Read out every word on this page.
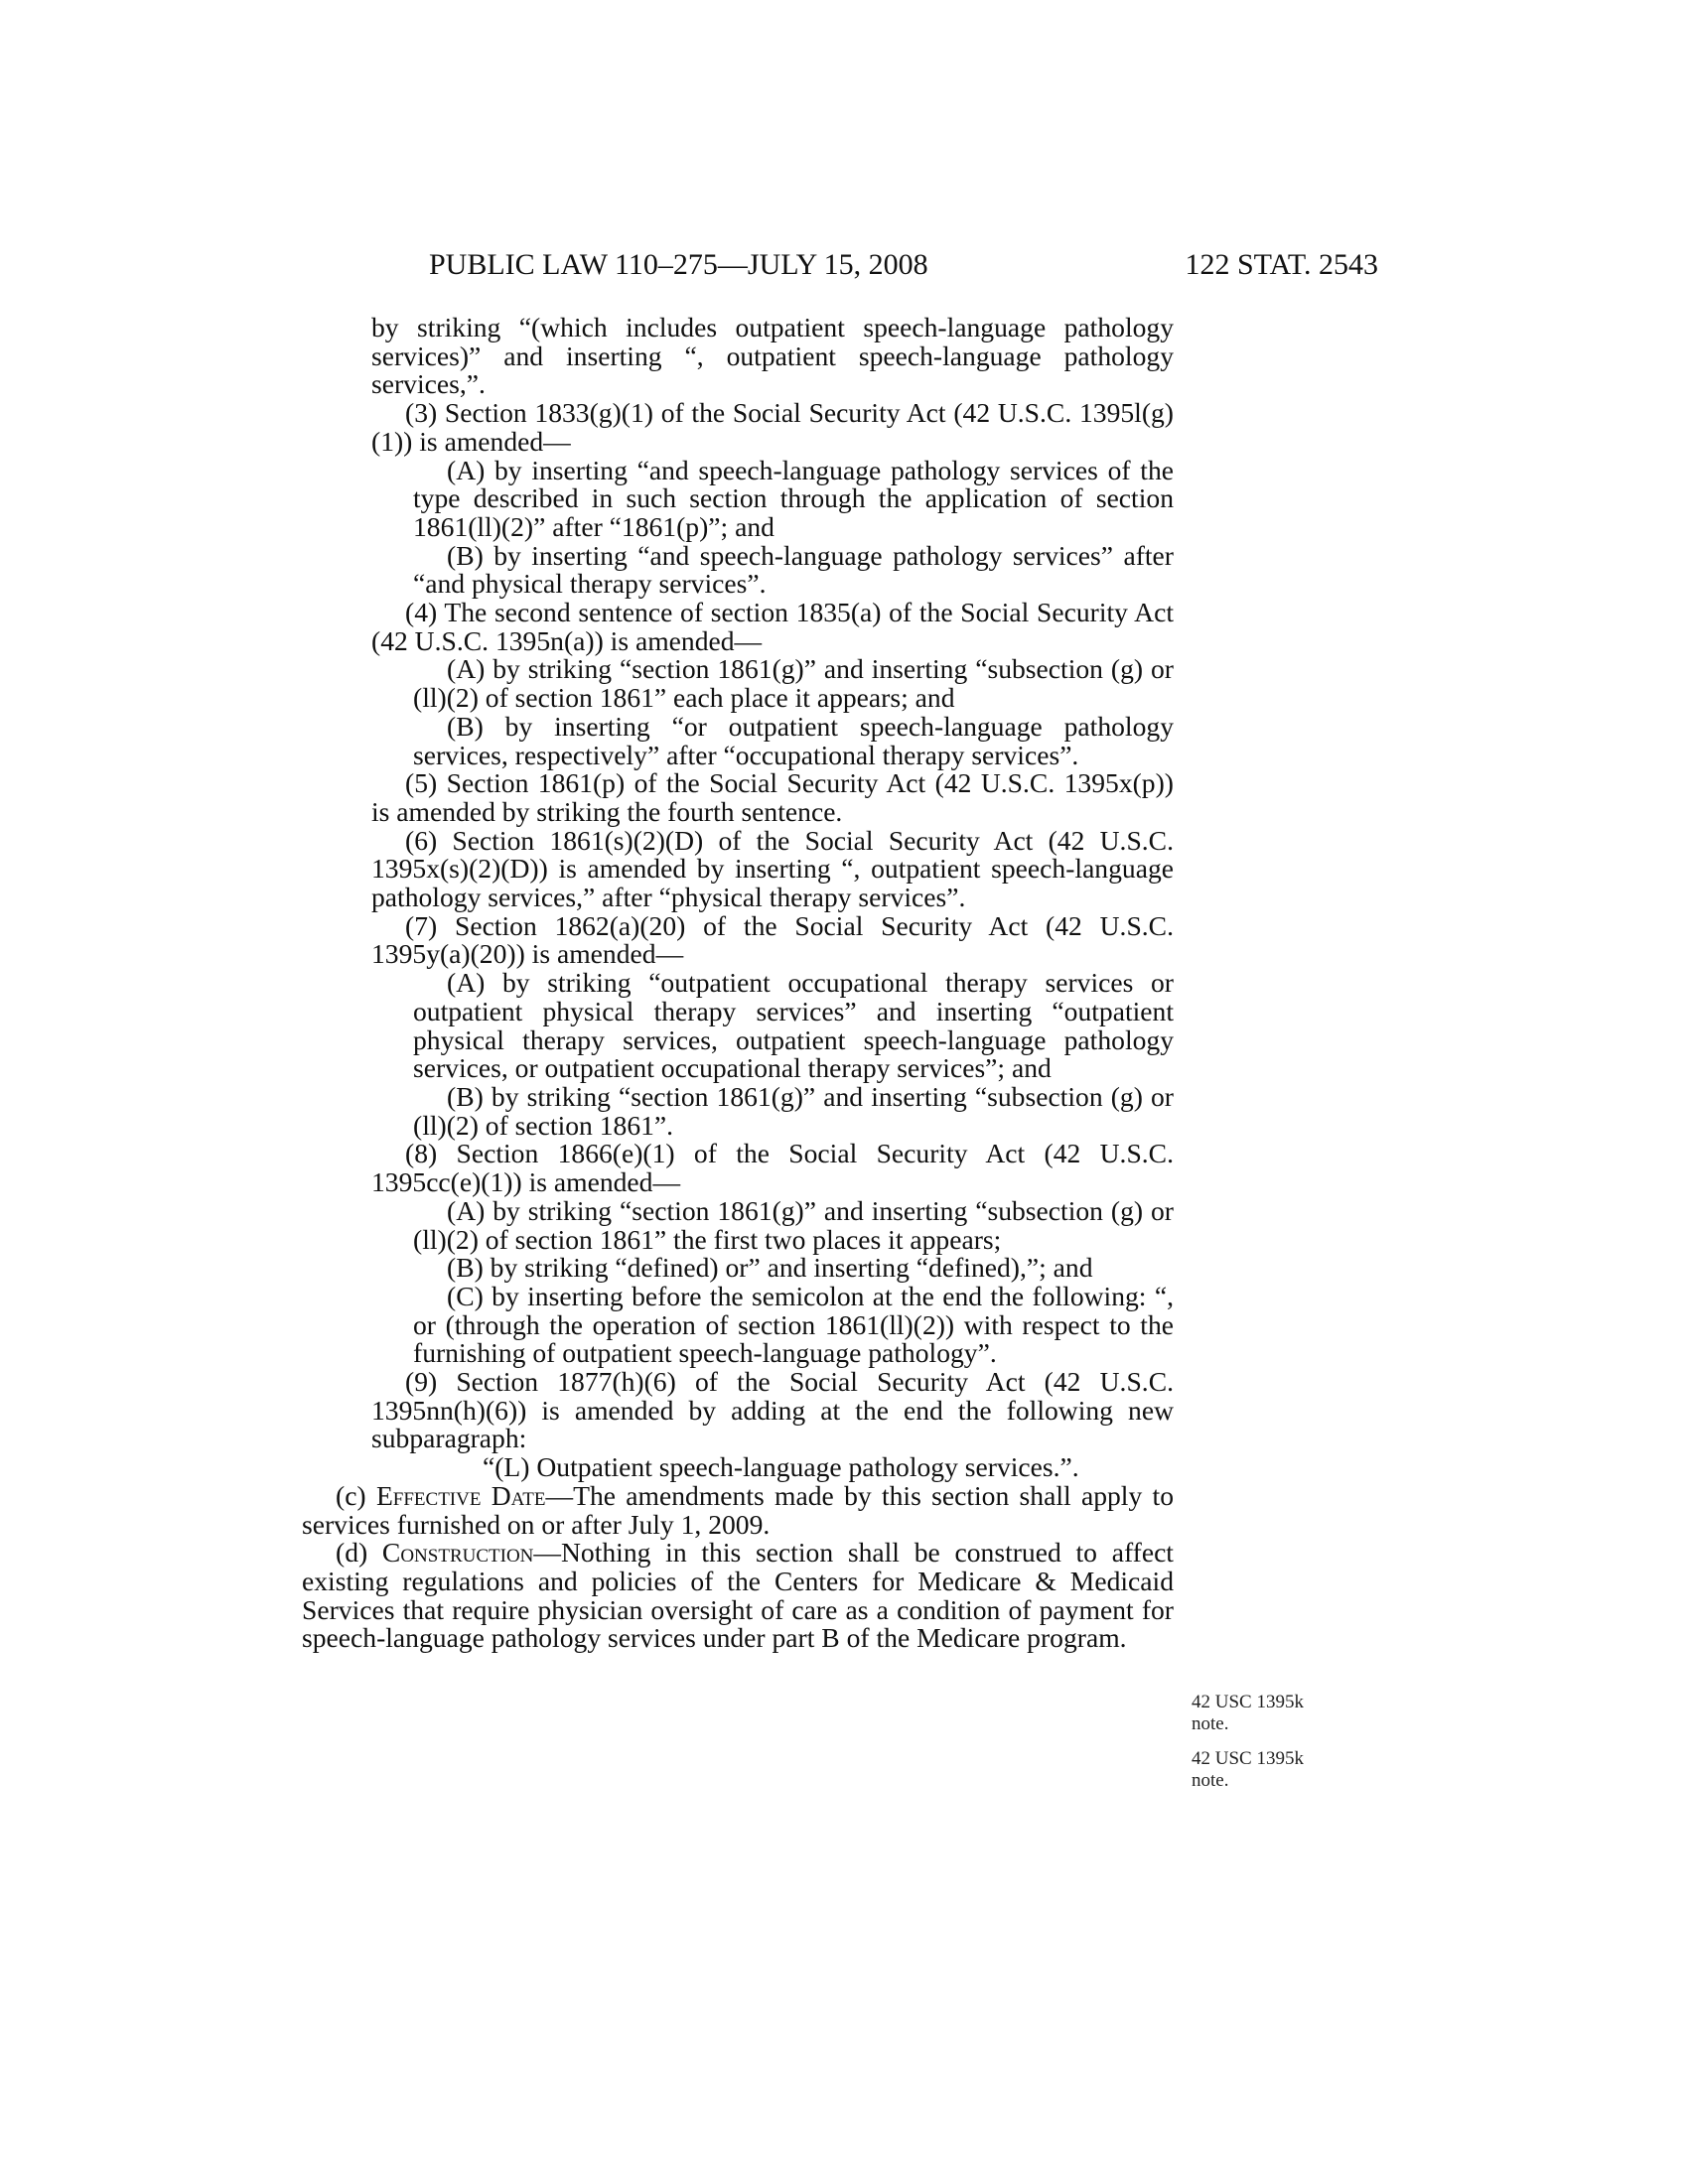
PUBLIC LAW 110–275—JULY 15, 2008	122 STAT. 2543

by striking “(which includes outpatient speech-language pathology services)” and inserting “, outpatient speech-language pathology services,”.

(3) Section 1833(g)(1) of the Social Security Act (42 U.S.C. 1395l(g)(1)) is amended—

(A) by inserting “and speech-language pathology services of the type described in such section through the application of section 1861(ll)(2)” after “1861(p)”; and

(B) by inserting “and speech-language pathology services” after “and physical therapy services”.

(4) The second sentence of section 1835(a) of the Social Security Act (42 U.S.C. 1395n(a)) is amended—

(A) by striking “section 1861(g)” and inserting “subsection (g) or (ll)(2) of section 1861” each place it appears; and

(B) by inserting “or outpatient speech-language pathology services, respectively” after “occupational therapy services”.

(5) Section 1861(p) of the Social Security Act (42 U.S.C. 1395x(p)) is amended by striking the fourth sentence.

(6) Section 1861(s)(2)(D) of the Social Security Act (42 U.S.C. 1395x(s)(2)(D)) is amended by inserting “, outpatient speech-language pathology services,” after “physical therapy services”.

(7) Section 1862(a)(20) of the Social Security Act (42 U.S.C. 1395y(a)(20)) is amended—

(A) by striking “outpatient occupational therapy services or outpatient physical therapy services” and inserting “outpatient physical therapy services, outpatient speech-language pathology services, or outpatient occupational therapy services”; and

(B) by striking “section 1861(g)” and inserting “subsection (g) or (ll)(2) of section 1861”.

(8) Section 1866(e)(1) of the Social Security Act (42 U.S.C. 1395cc(e)(1)) is amended—

(A) by striking “section 1861(g)” and inserting “subsection (g) or (ll)(2) of section 1861” the first two places it appears;

(B) by striking “defined) or” and inserting “defined),”; and

(C) by inserting before the semicolon at the end the following: “, or (through the operation of section 1861(ll)(2)) with respect to the furnishing of outpatient speech-language pathology”.

(9) Section 1877(h)(6) of the Social Security Act (42 U.S.C. 1395nn(h)(6)) is amended by adding at the end the following new subparagraph:

“(L) Outpatient speech-language pathology services.”.

(c) Effective Date—The amendments made by this section shall apply to services furnished on or after July 1, 2009.

(d) Construction—Nothing in this section shall be construed to affect existing regulations and policies of the Centers for Medicare & Medicaid Services that require physician oversight of care as a condition of payment for speech-language pathology services under part B of the Medicare program.

42 USC 1395k note.
42 USC 1395k note.
